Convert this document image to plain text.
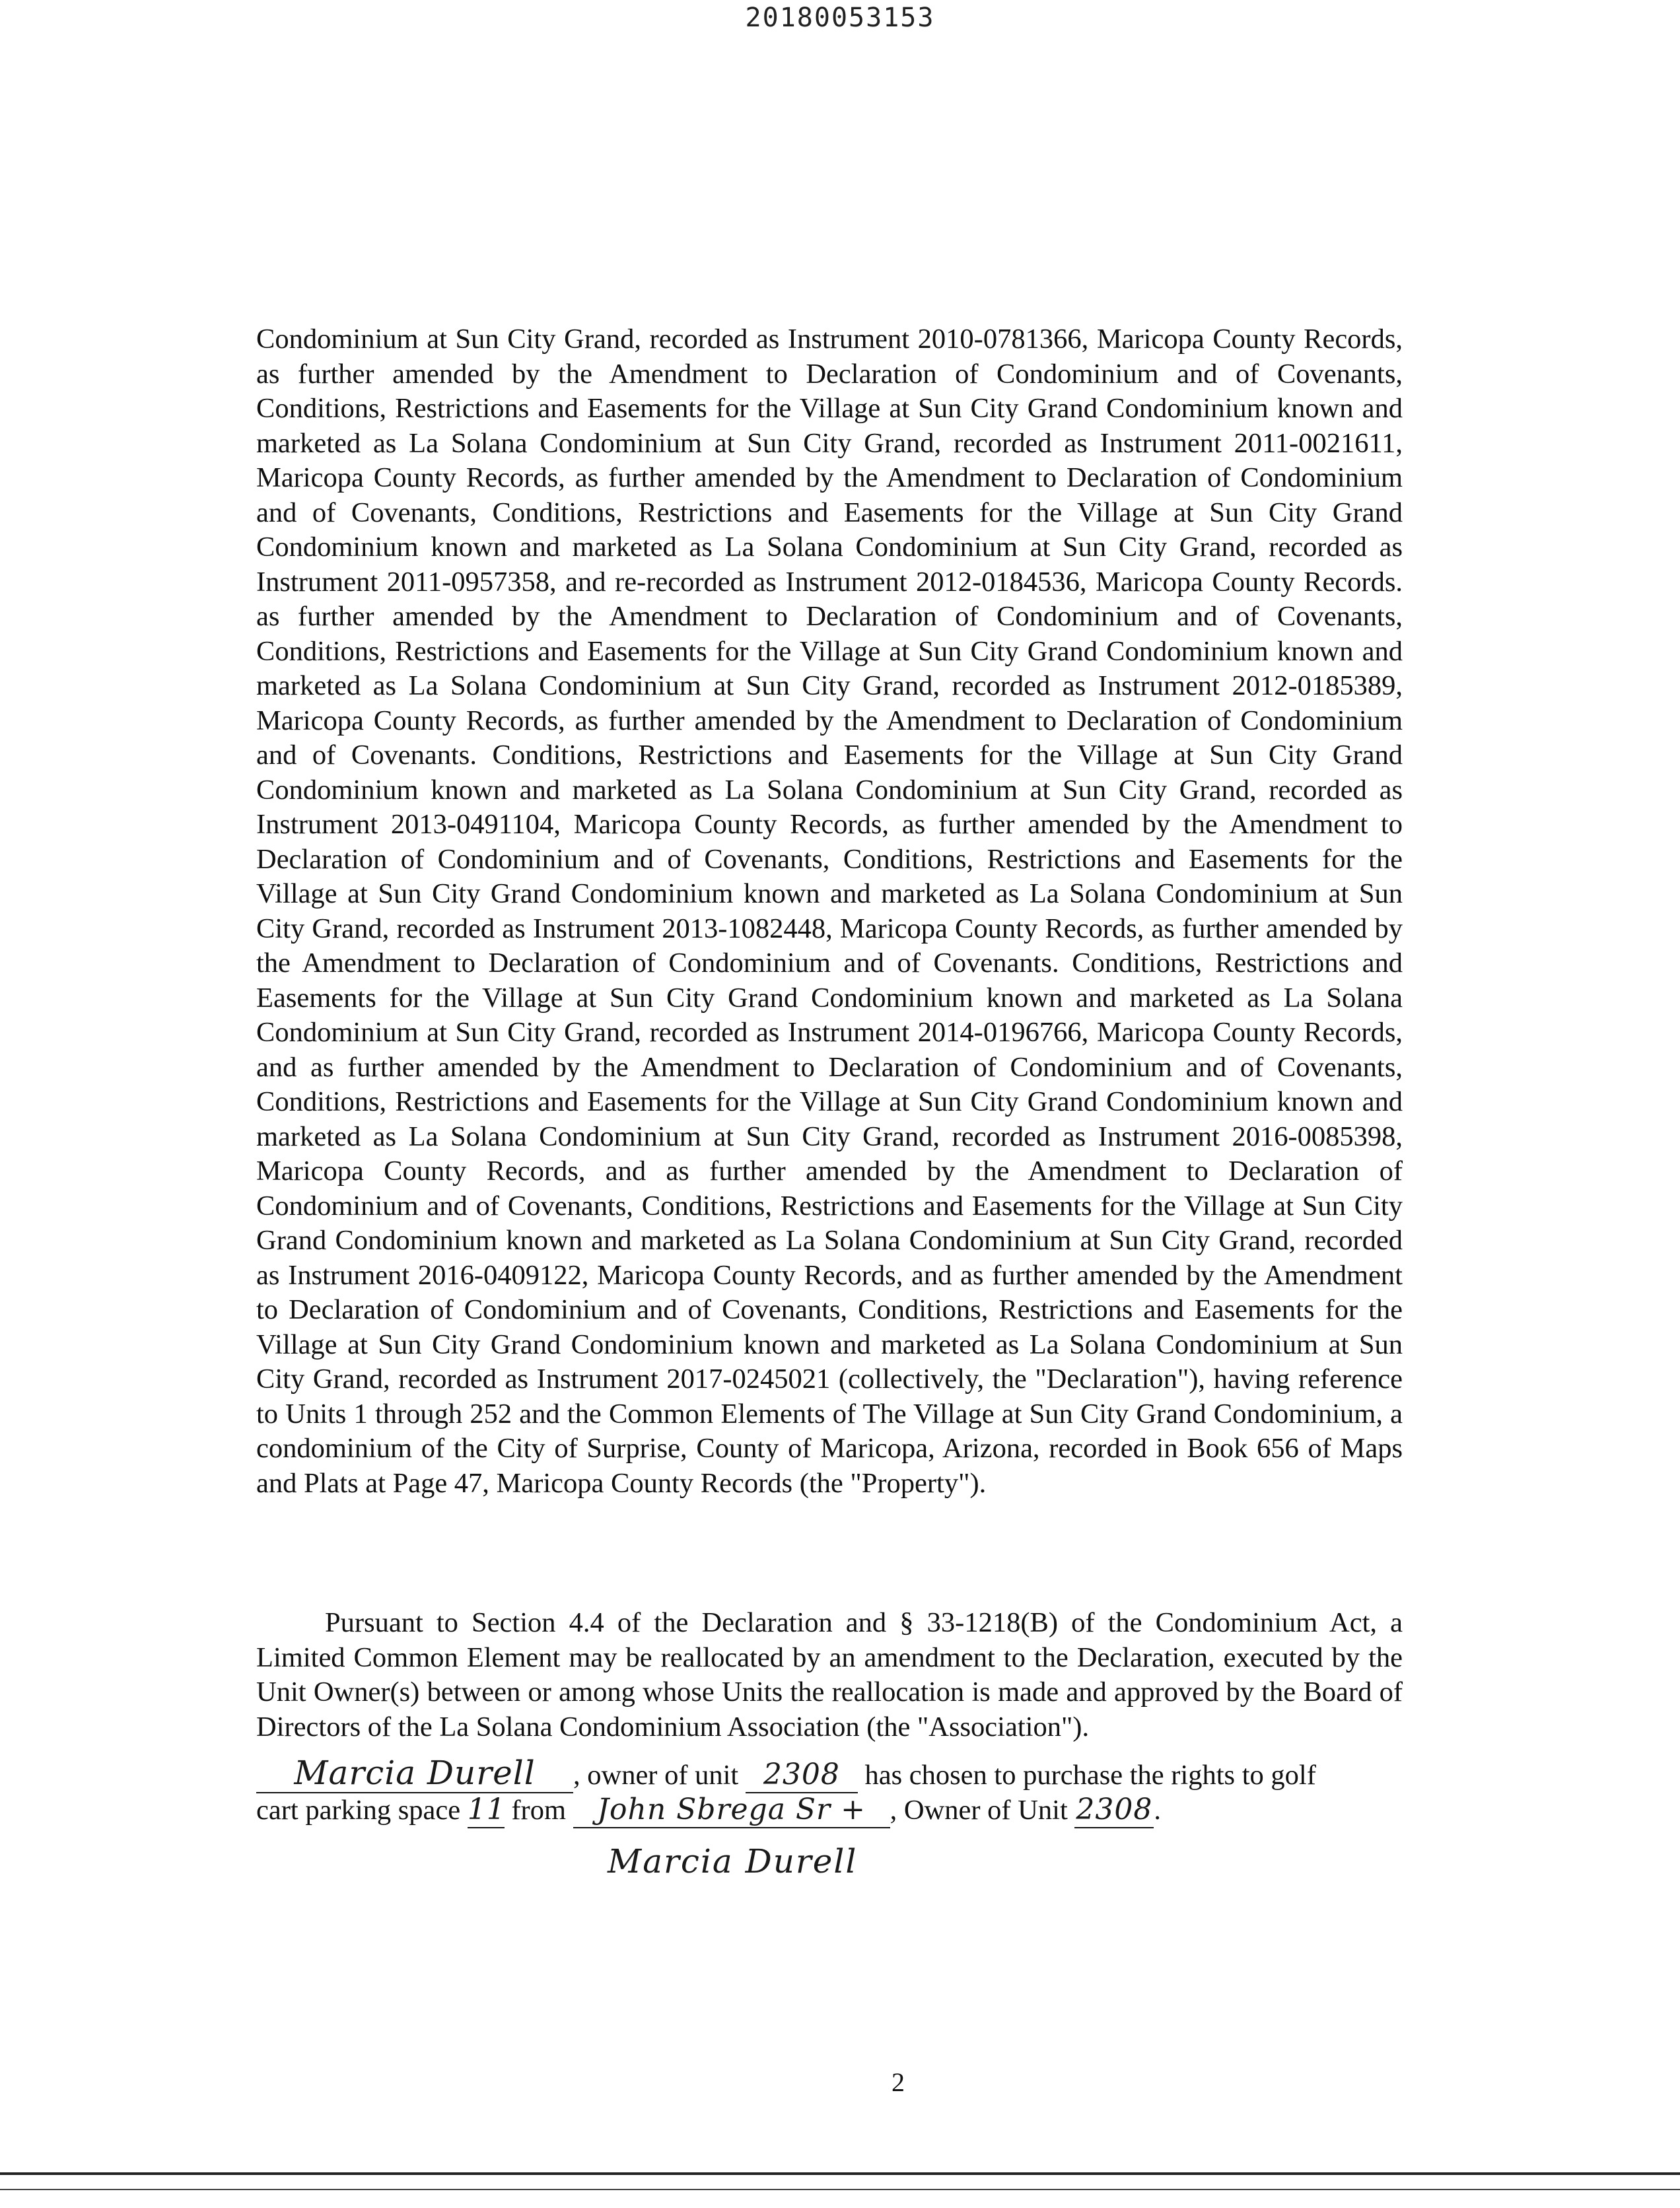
20180053153

Condominium at Sun City Grand, recorded as Instrument 2010-0781366, Maricopa County Records, as further amended by the Amendment to Declaration of Condominium and of Covenants, Conditions, Restrictions and Easements for the Village at Sun City Grand Condominium known and marketed as La Solana Condominium at Sun City Grand, recorded as Instrument 2011-0021611, Maricopa County Records, as further amended by the Amendment to Declaration of Condominium and of Covenants, Conditions, Restrictions and Easements for the Village at Sun City Grand Condominium known and marketed as La Solana Condominium at Sun City Grand, recorded as Instrument 2011-0957358, and re-recorded as Instrument 2012-0184536, Maricopa County Records. as further amended by the Amendment to Declaration of Condominium and of Covenants, Conditions, Restrictions and Easements for the Village at Sun City Grand Condominium known and marketed as La Solana Condominium at Sun City Grand, recorded as Instrument 2012-0185389, Maricopa County Records, as further amended by the Amendment to Declaration of Condominium and of Covenants. Conditions, Restrictions and Easements for the Village at Sun City Grand Condominium known and marketed as La Solana Condominium at Sun City Grand, recorded as Instrument 2013-0491104, Maricopa County Records, as further amended by the Amendment to Declaration of Condominium and of Covenants, Conditions, Restrictions and Easements for the Village at Sun City Grand Condominium known and marketed as La Solana Condominium at Sun City Grand, recorded as Instrument 2013-1082448, Maricopa County Records, as further amended by the Amendment to Declaration of Condominium and of Covenants. Conditions, Restrictions and Easements for the Village at Sun City Grand Condominium known and marketed as La Solana Condominium at Sun City Grand, recorded as Instrument 2014-0196766, Maricopa County Records, and as further amended by the Amendment to Declaration of Condominium and of Covenants, Conditions, Restrictions and Easements for the Village at Sun City Grand Condominium known and marketed as La Solana Condominium at Sun City Grand, recorded as Instrument 2016-0085398, Maricopa County Records, and as further amended by the Amendment to Declaration of Condominium and of Covenants, Conditions, Restrictions and Easements for the Village at Sun City Grand Condominium known and marketed as La Solana Condominium at Sun City Grand, recorded as Instrument 2016-0409122, Maricopa County Records, and as further amended by the Amendment to Declaration of Condominium and of Covenants, Conditions, Restrictions and Easements for the Village at Sun City Grand Condominium known and marketed as La Solana Condominium at Sun City Grand, recorded as Instrument 2017-0245021 (collectively, the "Declaration"), having reference to Units 1 through 252 and the Common Elements of The Village at Sun City Grand Condominium, a condominium of the City of Surprise, County of Maricopa, Arizona, recorded in Book 656 of Maps and Plats at Page 47, Maricopa County Records (the "Property").

Pursuant to Section 4.4 of the Declaration and § 33-1218(B) of the Condominium Act, a Limited Common Element may be reallocated by an amendment to the Declaration, executed by the Unit Owner(s) between or among whose Units the reallocation is made and approved by the Board of Directors of the La Solana Condominium Association (the "Association").

Marcia Durell , owner of unit 2308 has chosen to purchase the rights to golf
cart parking space 11 from John Sbrega Sr + , Owner of Unit 2308.
Marcia Durell
2
